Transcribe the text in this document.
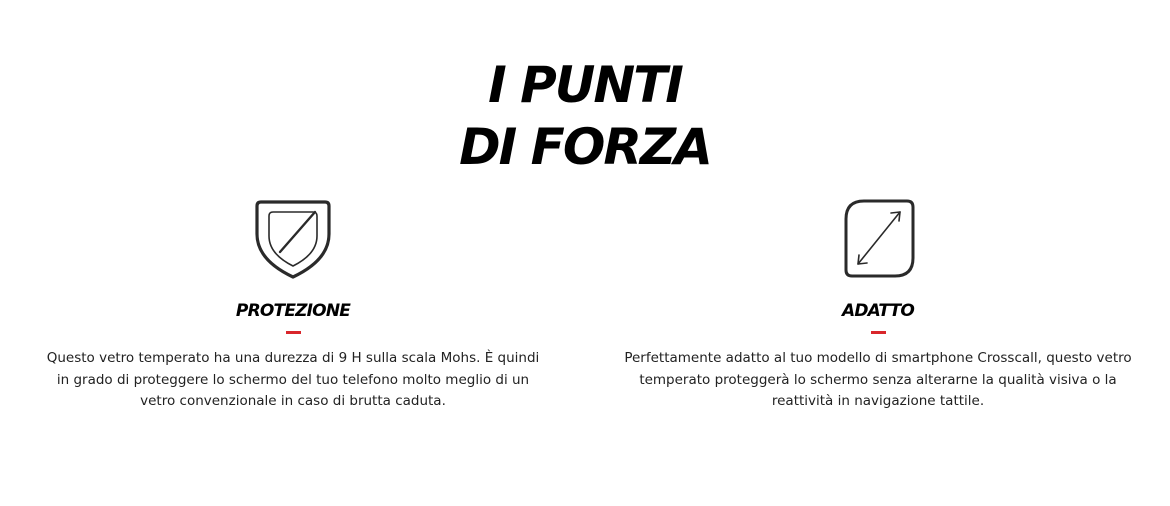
I PUNTI
DI FORZA
PROTEZIONE

Questo vetro temperato ha una durezza di 9 H sulla scala Mohs. È quindi in grado di proteggere lo schermo del tuo telefono molto meglio di un vetro convenzionale in caso di brutta caduta.

ADATTO

Perfettamente adatto al tuo modello di smartphone Crosscall, questo vetro temperato proteggerà lo schermo senza alterarne la qualità visiva o la reattività in navigazione tattile.
